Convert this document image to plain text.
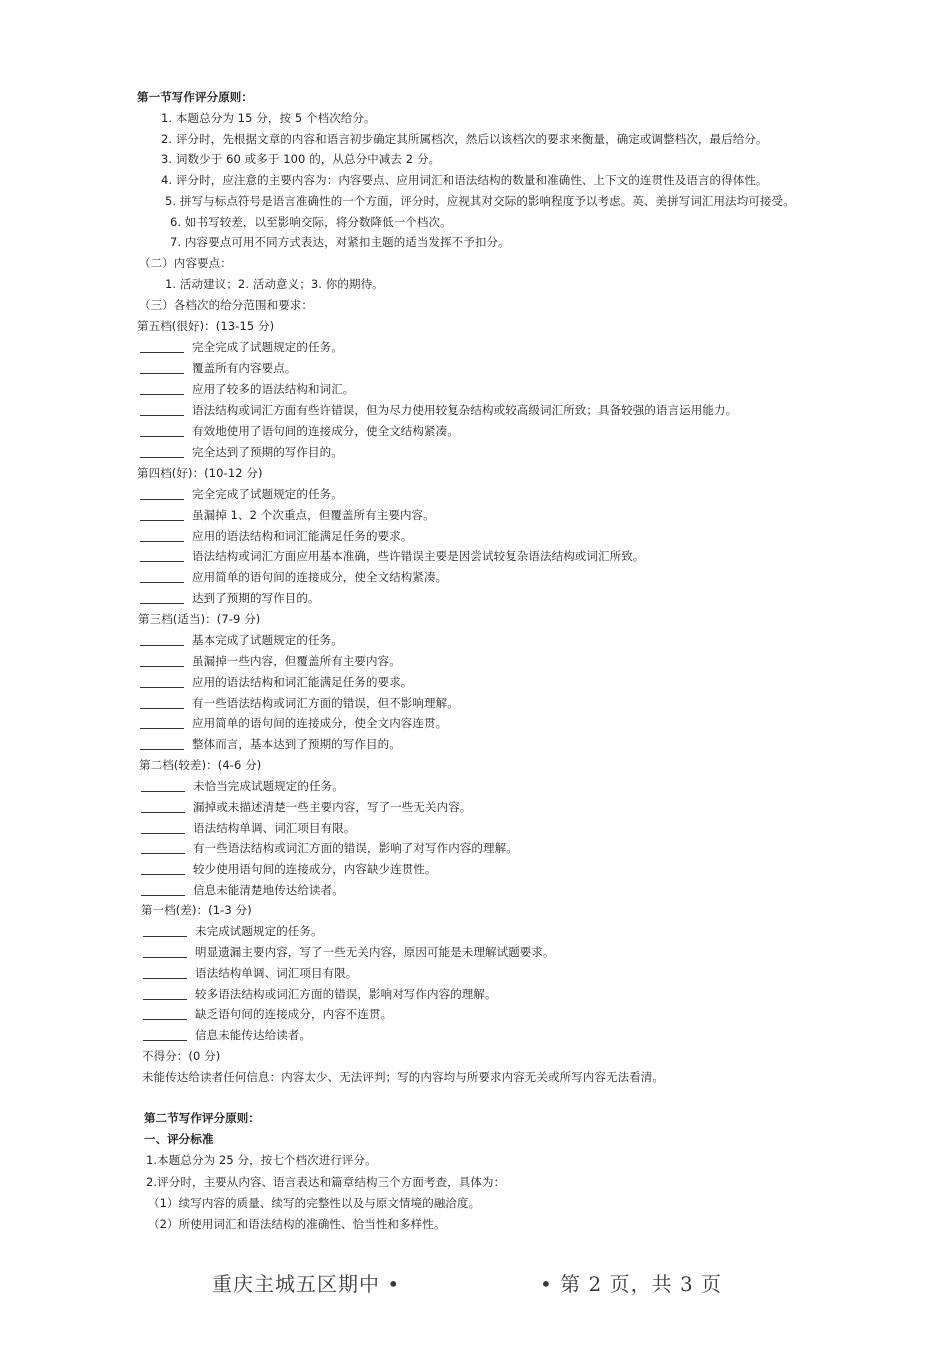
第一节写作评分原则：
1. 本题总分为 15 分，按 5 个档次给分。
2. 评分时，先根据文章的内容和语言初步确定其所属档次，然后以该档次的要求来衡量，确定或调整档次，最后给分。
3. 词数少于 60 或多于 100 的，从总分中减去 2 分。
4. 评分时，应注意的主要内容为：内容要点、应用词汇和语法结构的数量和准确性、上下文的连贯性及语言的得体性。
5. 拼写与标点符号是语言准确性的一个方面，评分时，应视其对交际的影响程度予以考虑。英、美拼写词汇用法均可接受。
6. 如书写较差，以至影响交际，将分数降低一个档次。
7. 内容要点可用不同方式表达，对紧扣主题的适当发挥不予扣分。
（二）内容要点：
1. 活动建议；2. 活动意义；3. 你的期待。
（三）各档次的给分范围和要求：
第五档(很好)：(13-15 分)
完全完成了试题规定的任务。
覆盖所有内容要点。
应用了较多的语法结构和词汇。
语法结构或词汇方面有些许错误，但为尽力使用较复杂结构或较高级词汇所致；具备较强的语言运用能力。
有效地使用了语句间的连接成分，使全文结构紧凑。
完全达到了预期的写作目的。
第四档(好)：(10-12 分)
完全完成了试题规定的任务。
虽漏掉 1、2 个次重点，但覆盖所有主要内容。
应用的语法结构和词汇能满足任务的要求。
语法结构或词汇方面应用基本准确，些许错误主要是因尝试较复杂语法结构或词汇所致。
应用简单的语句间的连接成分，使全文结构紧凑。
达到了预期的写作目的。
第三档(适当)：(7-9 分)
基本完成了试题规定的任务。
虽漏掉一些内容，但覆盖所有主要内容。
应用的语法结构和词汇能满足任务的要求。
有一些语法结构或词汇方面的错误，但不影响理解。
应用简单的语句间的连接成分，使全文内容连贯。
整体而言，基本达到了预期的写作目的。
第二档(较差)：(4-6 分)
未恰当完成试题规定的任务。
漏掉或未描述清楚一些主要内容，写了一些无关内容。
语法结构单调、词汇项目有限。
有一些语法结构或词汇方面的错误，影响了对写作内容的理解。
较少使用语句间的连接成分，内容缺少连贯性。
信息未能清楚地传达给读者。
第一档(差)：(1-3 分)
未完成试题规定的任务。
明显遗漏主要内容，写了一些无关内容，原因可能是未理解试题要求。
语法结构单调、词汇项目有限。
较多语法结构或词汇方面的错误，影响对写作内容的理解。
缺乏语句间的连接成分，内容不连贯。
信息未能传达给读者。
不得分：(0 分)
未能传达给读者任何信息：内容太少、无法评判；写的内容均与所要求内容无关或所写内容无法看清。
第二节写作评分原则：
一、评分标准
1.本题总分为 25 分，按七个档次进行评分。
2.评分时，主要从内容、语言表达和篇章结构三个方面考查，具体为：
（1）续写内容的质量、续写的完整性以及与原文情境的融洽度。
（2）所使用词汇和语法结构的准确性、恰当性和多样性。
重庆主城五区期中 •	• 第 2 页，共 3 页
